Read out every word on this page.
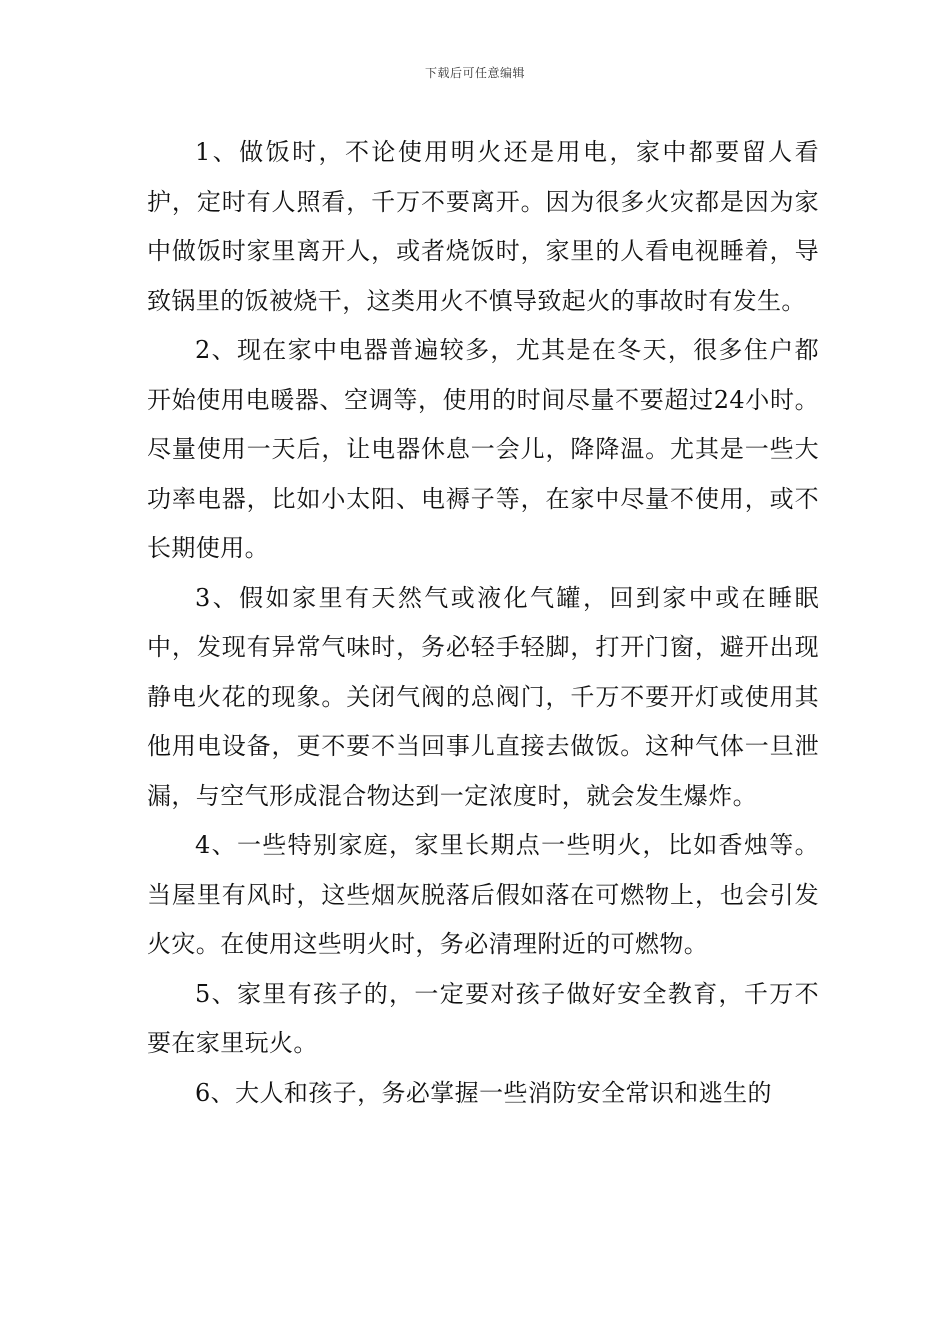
下载后可任意编辑

1、做饭时，不论使用明火还是用电，家中都要留人看护，定时有人照看，千万不要离开。因为很多火灾都是因为家中做饭时家里离开人，或者烧饭时，家里的人看电视睡着，导致锅里的饭被烧干，这类用火不慎导致起火的事故时有发生。

2、现在家中电器普遍较多，尤其是在冬天，很多住户都开始使用电暖器、空调等，使用的时间尽量不要超过24小时。尽量使用一天后，让电器休息一会儿，降降温。尤其是一些大功率电器，比如小太阳、电褥子等，在家中尽量不使用，或不长期使用。

3、假如家里有天然气或液化气罐，回到家中或在睡眠中，发现有异常气味时，务必轻手轻脚，打开门窗，避开出现静电火花的现象。关闭气阀的总阀门，千万不要开灯或使用其他用电设备，更不要不当回事儿直接去做饭。这种气体一旦泄漏，与空气形成混合物达到一定浓度时，就会发生爆炸。

4、一些特别家庭，家里长期点一些明火，比如香烛等。当屋里有风时，这些烟灰脱落后假如落在可燃物上，也会引发火灾。在使用这些明火时，务必清理附近的可燃物。

5、家里有孩子的，一定要对孩子做好安全教育，千万不要在家里玩火。

6、大人和孩子，务必掌握一些消防安全常识和逃生的
